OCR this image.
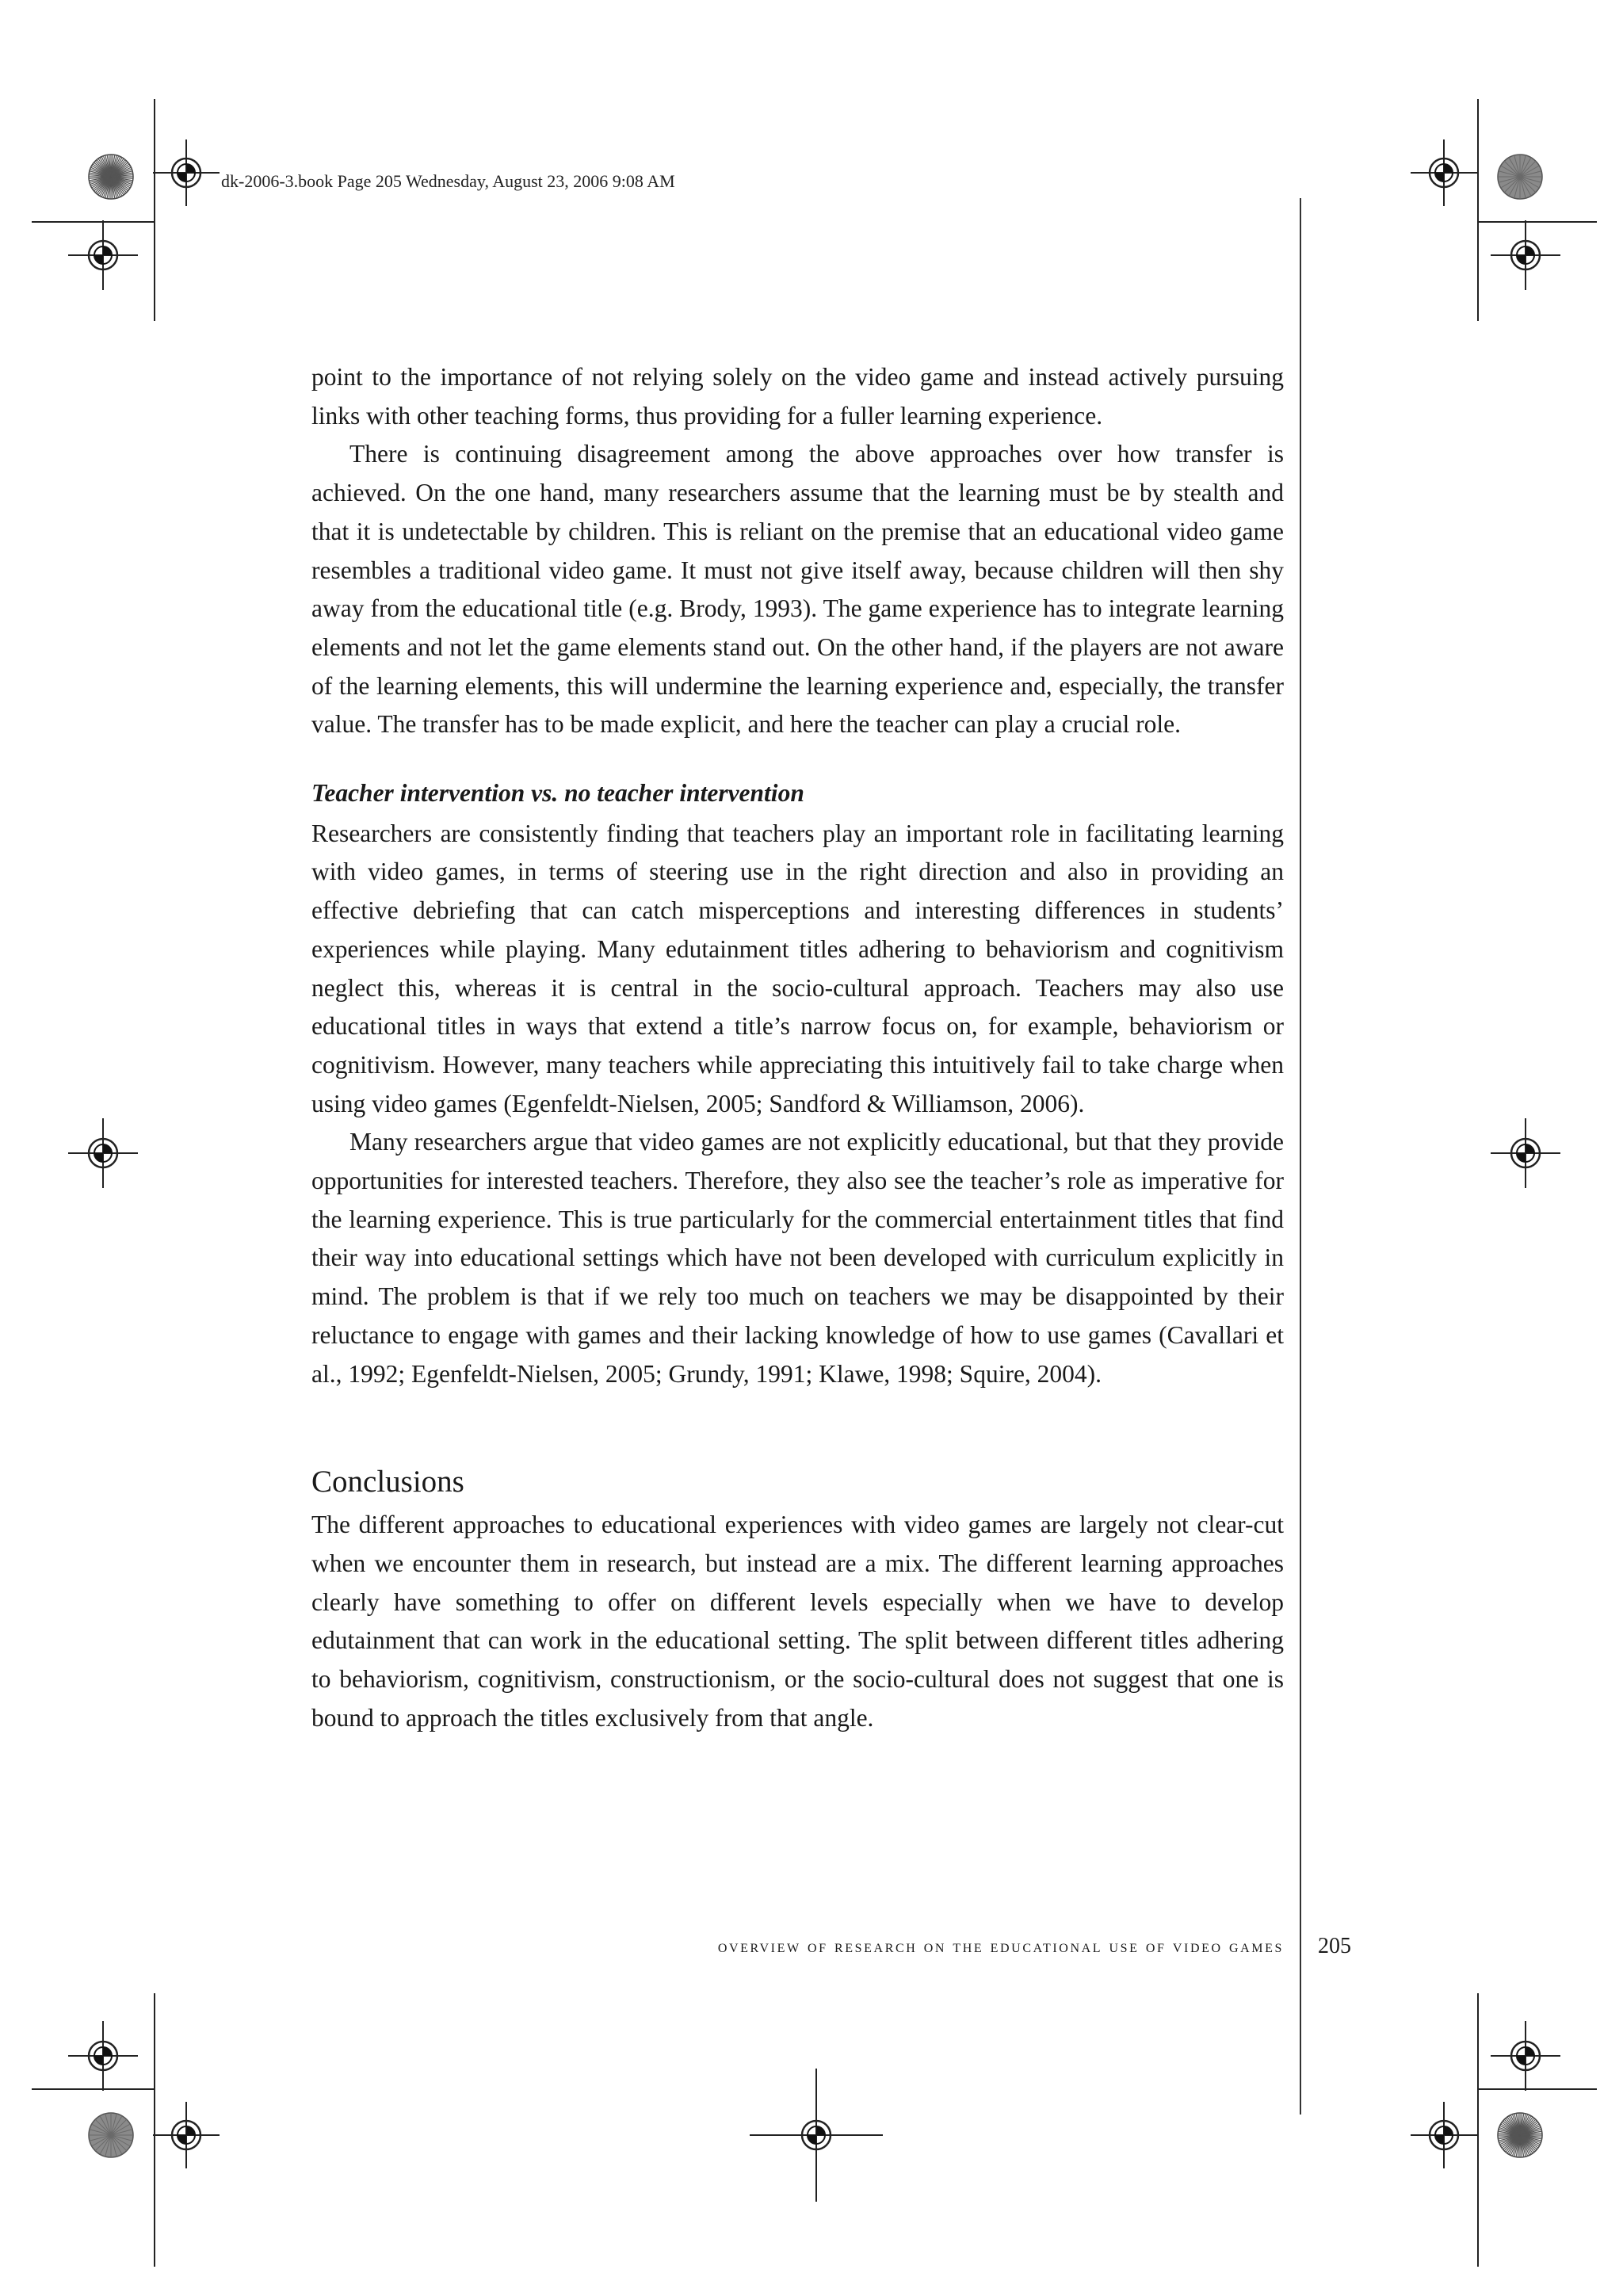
dk-2006-3.book Page 205 Wednesday, August 23, 2006 9:08 AM

point to the importance of not relying solely on the video game and instead actively pursuing links with other teaching forms, thus providing for a fuller learning experience.

There is continuing disagreement among the above approaches over how transfer is achieved. On the one hand, many researchers assume that the learning must be by stealth and that it is undetectable by children. This is reliant on the premise that an educational video game resembles a traditional video game. It must not give itself away, because children will then shy away from the educational title (e.g. Brody, 1993). The game experience has to integrate learning elements and not let the game elements stand out. On the other hand, if the players are not aware of the learning elements, this will undermine the learning experience and, especially, the transfer value. The transfer has to be made explicit, and here the teacher can play a crucial role.

Teacher intervention vs. no teacher intervention

Researchers are consistently finding that teachers play an important role in facilitating learning with video games, in terms of steering use in the right direction and also in providing an effective debriefing that can catch misperceptions and interesting differences in students’ experiences while playing. Many edutainment titles adhering to behaviorism and cognitivism neglect this, whereas it is central in the socio-cultural approach. Teachers may also use educational titles in ways that extend a title’s narrow focus on, for example, behaviorism or cognitivism. However, many teachers while appreciating this intuitively fail to take charge when using video games (Egenfeldt-Nielsen, 2005; Sandford & Williamson, 2006).

Many researchers argue that video games are not explicitly educational, but that they provide opportunities for interested teachers. Therefore, they also see the teacher’s role as imperative for the learning experience. This is true particularly for the commercial entertainment titles that find their way into educational settings which have not been developed with curriculum explicitly in mind. The problem is that if we rely too much on teachers we may be disappointed by their reluctance to engage with games and their lacking knowledge of how to use games (Cavallari et al., 1992; Egenfeldt-Nielsen, 2005; Grundy, 1991; Klawe, 1998; Squire, 2004).

Conclusions

The different approaches to educational experiences with video games are largely not clear-cut when we encounter them in research, but instead are a mix. The different learning approaches clearly have something to offer on different levels especially when we have to develop edutainment that can work in the educational setting. The split between different titles adhering to behaviorism, cognitivism, constructionism, or the socio-cultural does not suggest that one is bound to approach the titles exclusively from that angle.

overview of research on the educational use of video games 205
